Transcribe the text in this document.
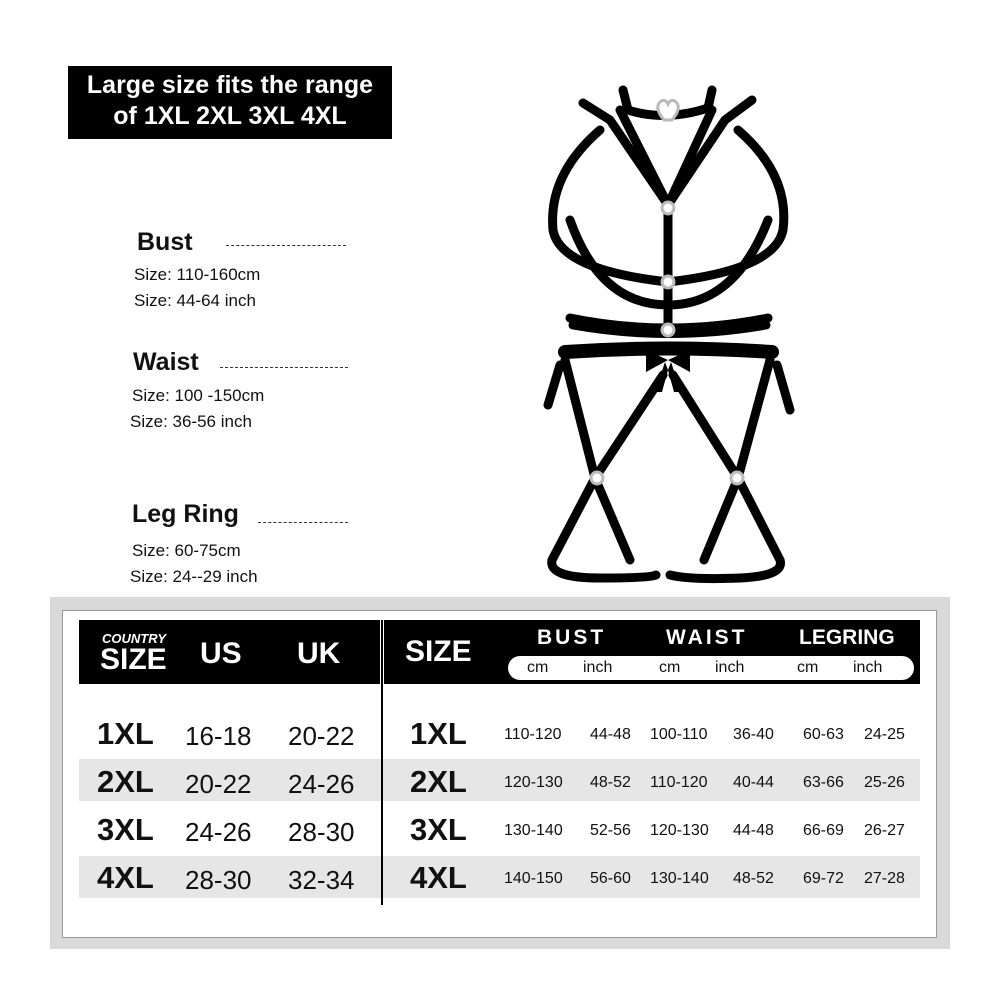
Large size fits the range
of 1XL 2XL 3XL 4XL
Bust
Size: 110-160cm
Size: 44-64 inch
Waist
Size: 100 -150cm
Size: 36-56 inch
Leg Ring
Size: 60-75cm
Size: 24--29 inch
COUNTRY
SIZE US UK SIZE	BUST	WAIST LEGRING
cm inch	cm inch	cm inch
1XL 16-18 20-22 1XL 110-120 44-48 100-110 36-40 60-63 24-25
2XL 20-22 24-26 2XL 120-130 48-52 110-120 40-44 63-66 25-26
3XL 24-26 28-30 3XL 130-140 52-56 120-130 44-48 66-69 26-27
4XL 28-30 32-34 4XL 140-150 56-60 130-140 48-52 69-72 27-28
